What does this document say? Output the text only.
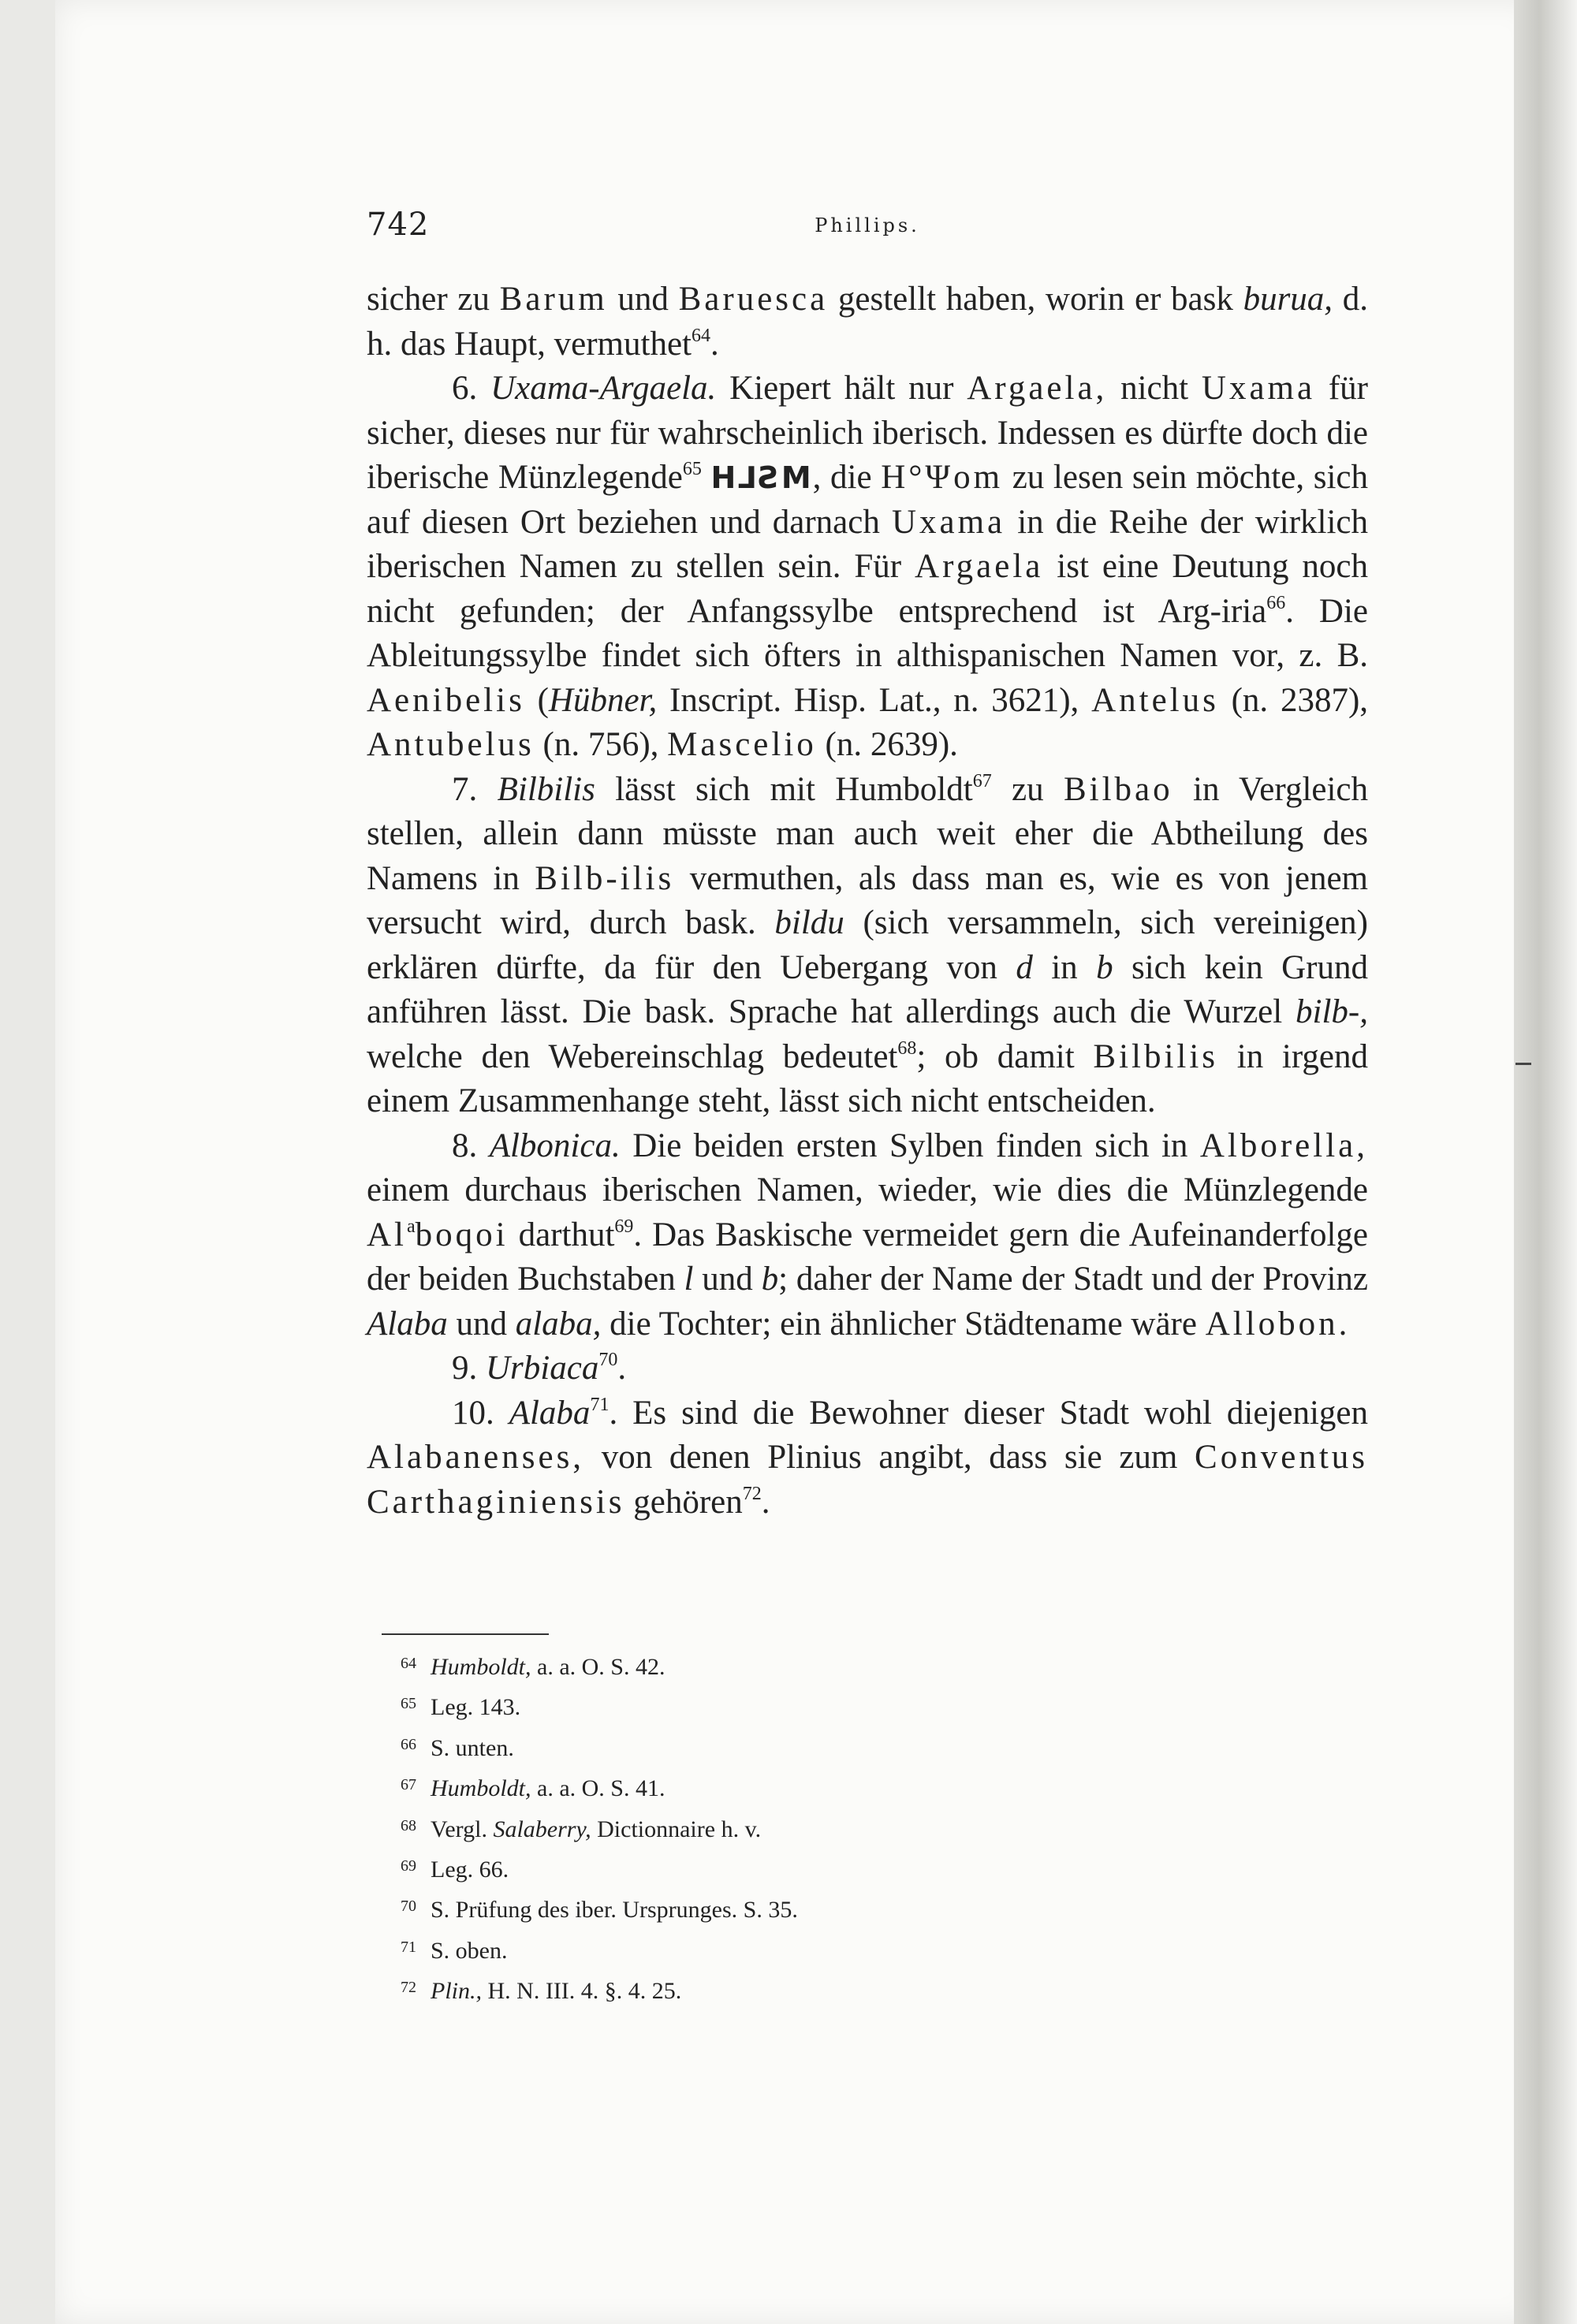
742	Phillips.

sicher zu Barum und Baruesca gestellt haben, worin er bask burua, d. h. das Haupt, vermuthet$^{64}$.

6. Uxama-Argaela. Kiepert hält nur Argaela, nicht Uxama für sicher, dieses nur für wahrscheinlich iberisch. Indessen es dürfte doch die iberische Münzlegende$^{65}$ H⅃ƧM, die H°Ψom zu lesen sein möchte, sich auf diesen Ort beziehen und darnach Uxama in die Reihe der wirklich iberischen Namen zu stellen sein. Für Argaela ist eine Deutung noch nicht gefunden; der Anfangssylbe entsprechend ist Arg-iria$^{66}$. Die Ableitungssylbe findet sich öfters in althispanischen Namen vor, z. B. Aenibelis (Hübner, Inscript. Hisp. Lat., n. 3621), Antelus (n. 2387), Antubelus (n. 756), Mascelio (n. 2639).

7. Bilbilis lässt sich mit Humboldt$^{67}$ zu Bilbao in Vergleich stellen, allein dann müsste man auch weit eher die Abtheilung des Namens in Bilb-ilis vermuthen, als dass man es, wie es von jenem versucht wird, durch bask. bildu (sich versammeln, sich vereinigen) erklären dürfte, da für den Uebergang von d in b sich kein Grund anführen lässt. Die bask. Sprache hat allerdings auch die Wurzel bilb-, welche den Webereinschlag bedeutet$^{68}$; ob damit Bilbilis in irgend einem Zusammenhange steht, lässt sich nicht entscheiden.

8. Albonica. Die beiden ersten Sylben finden sich in Alborella, einem durchaus iberischen Namen, wieder, wie dies die Münzlegende Al$^a$boqoi darthut$^{69}$. Das Baskische vermeidet gern die Aufeinanderfolge der beiden Buchstaben l und b; daher der Name der Stadt und der Provinz Alaba und alaba, die Tochter; ein ähnlicher Städtename wäre Allobon.

9. Urbiaca$^{70}$.

10. Alaba$^{71}$. Es sind die Bewohner dieser Stadt wohl diejenigen Alabanenses, von denen Plinius angibt, dass sie zum Conventus Carthaginiensis gehören$^{72}$.

64 Humboldt, a. a. O. S. 42.
65 Leg. 143.
66 S. unten.
67 Humboldt, a. a. O. S. 41.
68 Vergl. Salaberry, Dictionnaire h. v.
69 Leg. 66.
70 S. Prüfung des iber. Ursprunges. S. 35.
71 S. oben.
72 Plin., H. N. III. 4. §. 4. 25.
